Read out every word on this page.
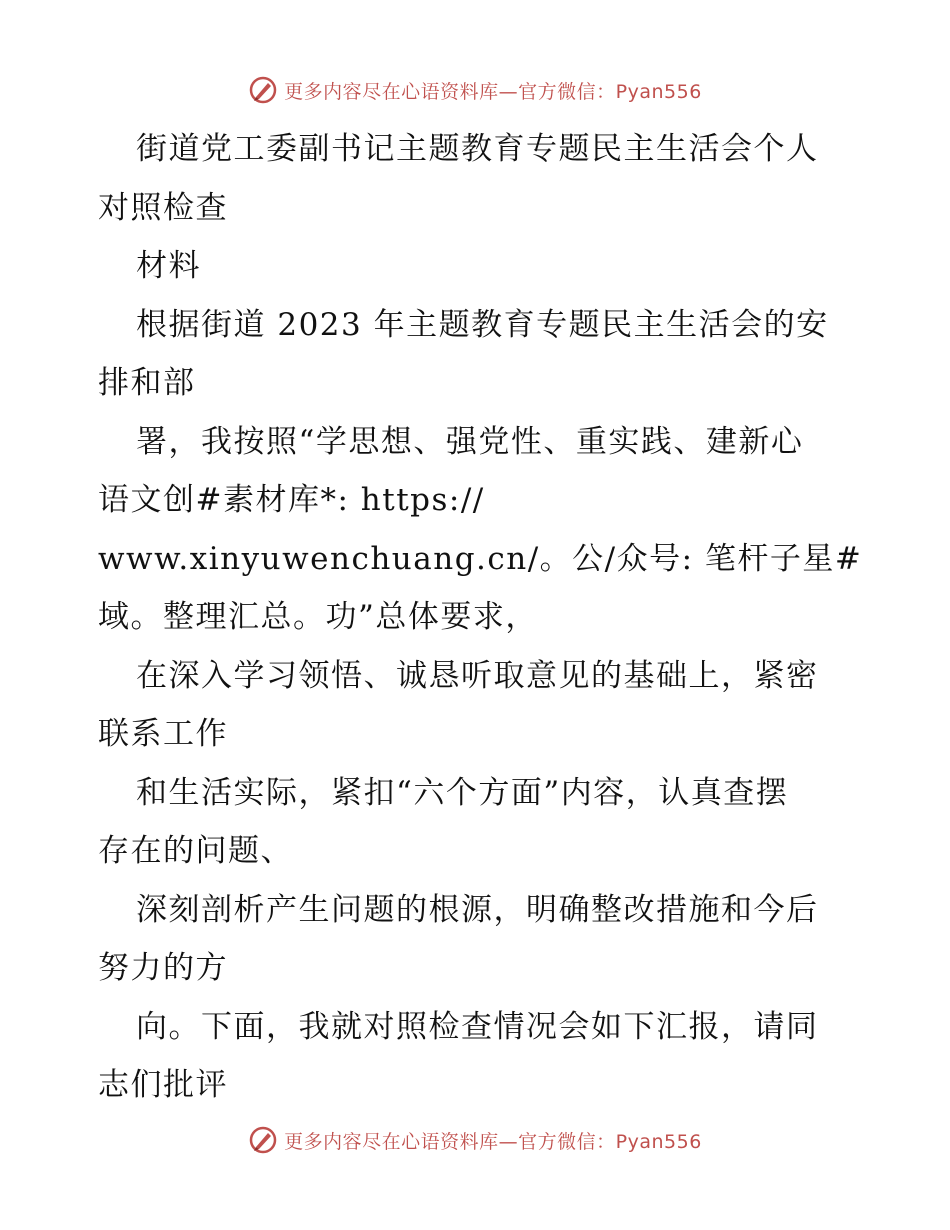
更多内容尽在心语资料库—官方微信：Pyan556
街道党工委副书记主题教育专题民主生活会个人
对照检查
材料
根据街道 2023 年主题教育专题民主生活会的安
排和部
署，我按照“学思想、强党性、重实践、建新心
语文创#素材库*: https://
www.xinyuwenchuang.cn/。公/众号: 笔杆子星#
域。整理汇总。功”总体要求，
在深入学习领悟、诚恳听取意见的基础上，紧密
联系工作
和生活实际，紧扣“六个方面”内容，认真查摆
存在的问题、
深刻剖析产生问题的根源，明确整改措施和今后
努力的方
向。下面，我就对照检查情况会如下汇报，请同
志们批评
更多内容尽在心语资料库—官方微信：Pyan556
